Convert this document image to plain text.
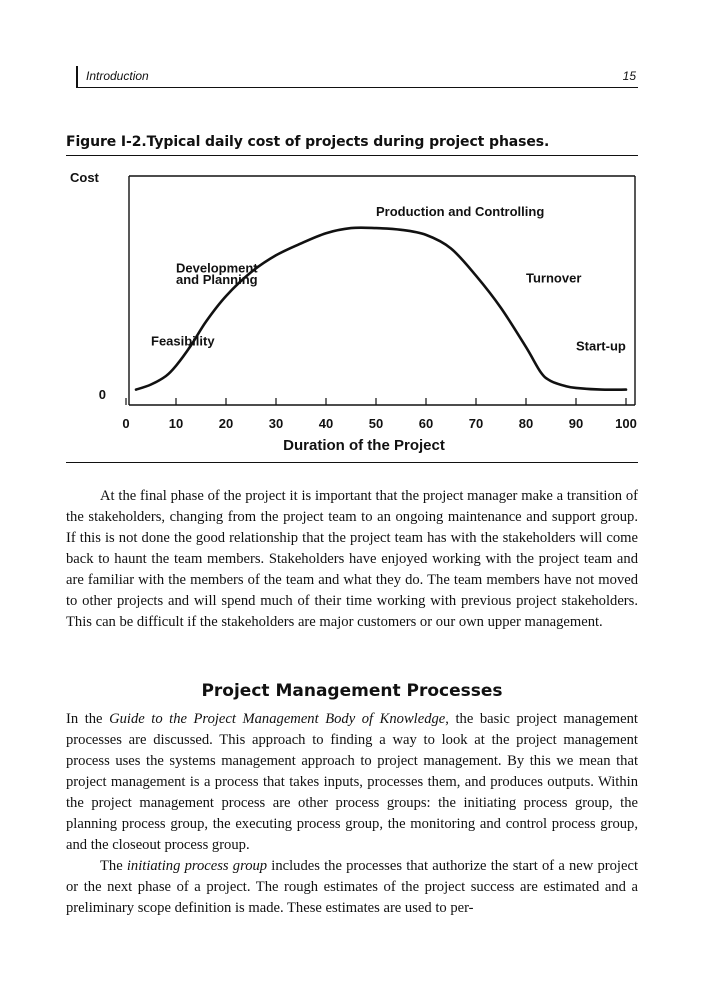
Introduction	15
Figure I-2.Typical daily cost of projects during project phases.
Cost
0
0	10	20	30	40	50	60	70	80	90 100
Feasibility
Development
and Planning
Production and Controlling
Turnover
Start-up
Duration of the Project

At the final phase of the project it is important that the project manager make a transition of the stakeholders, changing from the project team to an ongoing maintenance and support group. If this is not done the good relationship that the project team has with the stakeholders will come back to haunt the team members. Stakeholders have enjoyed working with the project team and are familiar with the members of the team and what they do. The team members have not moved to other projects and will spend much of their time working with previous project stakeholders. This can be difficult if the stakeholders are major customers or our own upper management.

Project Management Processes

In the Guide to the Project Management Body of Knowledge, the basic project management processes are discussed. This approach to finding a way to look at the project management process uses the systems management approach to project management. By this we mean that project management is a process that takes inputs, processes them, and produces outputs. Within the project management process are other process groups: the initiating process group, the planning process group, the executing process group, the monitoring and control process group, and the closeout process group.

The initiating process group includes the processes that authorize the start of a new project or the next phase of a project. The rough estimates of the project success are estimated and a preliminary scope definition is made. These estimates are used to per-
